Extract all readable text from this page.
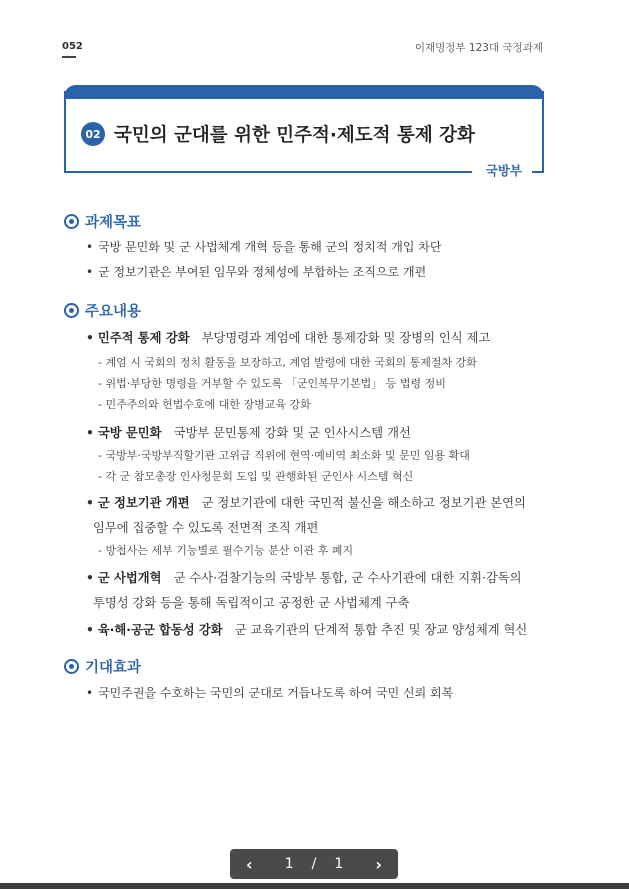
052	이재명정부 123대 국정과제
02 국민의 군대를 위한 민주적·제도적 통제 강화
국방부
과제목표
• 국방 문민화 및 군 사법체계 개혁 등을 통해 군의 정치적 개입 차단
• 군 정보기관은 부여된 임무와 정체성에 부합하는 조직으로 개편
주요내용
• 민주적 통제 강화 부당명령과 계엄에 대한 통제강화 및 장병의 인식 제고
- 계엄 시 국회의 정치 활동을 보장하고, 계엄 발령에 대한 국회의 통제절차 강화
- 위법·부당한 명령을 거부할 수 있도록 「군인복무기본법」 등 법령 정비
- 민주주의와 헌법수호에 대한 장병교육 강화
• 국방 문민화 국방부 문민통제 강화 및 군 인사시스템 개선
- 국방부·국방부직할기관 고위급 직위에 현역·예비역 최소화 및 문민 임용 확대
- 각 군 참모총장 인사청문회 도입 및 관행화된 군인사 시스템 혁신
• 군 정보기관 개편 군 정보기관에 대한 국민적 불신을 해소하고 정보기관 본연의
임무에 집중할 수 있도록 전면적 조직 개편
- 방첩사는 세부 기능별로 필수기능 분산 이관 후 폐지
• 군 사법개혁 군 수사·검찰기능의 국방부 통합, 군 수사기관에 대한 지휘·감독의
투명성 강화 등을 통해 독립적이고 공정한 군 사법체계 구축
• 육·해·공군 합동성 강화 군 교육기관의 단계적 통합 추진 및 장교 양성체계 혁신
기대효과
• 국민주권을 수호하는 국민의 군대로 거듭나도록 하여 국민 신뢰 회복
‹ 1 / 1 ›
